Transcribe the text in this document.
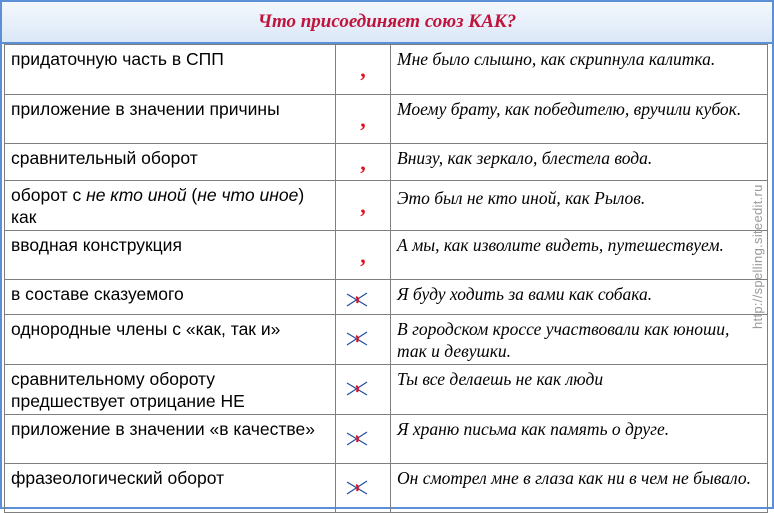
Что присоединяет союз КАК?
придаточную часть в СПП	,	Мне было слышно, как скрипнула калитка.
приложение в значении причины	,	Моему брату, как победителю, вручили кубок.
сравнительный оборот	,	Внизу, как зеркало, блестела вода.
оборот с не кто иной (не что иное) как	,	Это был не кто иной, как Рылов.
вводная конструкция	,	А мы, как изволите видеть, путешествуем.
в составе сказуемого		Я буду ходить за вами как собака.
однородные члены с «как, так и»		В городском кроссе участвовали как юноши, так и девушки.
сравнительному обороту предшествует отрицание НЕ		Ты все делаешь не как люди
приложение в значении «в качестве»		Я храню письма как память о друге.
фразеологический оборот		Он смотрел мне в глаза как ни в чем не бывало.
http://spelling.siteedit.ru
